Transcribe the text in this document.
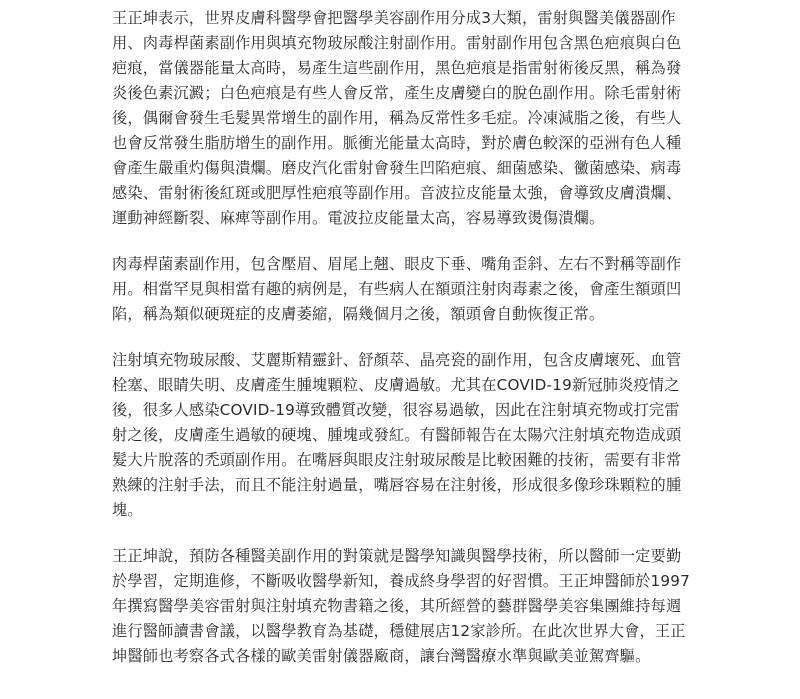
王正坤表示，世界皮膚科醫學會把醫學美容副作用分成3大類，雷射與醫美儀器副作用、肉毒桿菌素副作用與填充物玻尿酸注射副作用。雷射副作用包含黑色疤痕與白色疤痕，當儀器能量太高時，易產生這些副作用，黑色疤痕是指雷射術後反黑，稱為發炎後色素沉澱；白色疤痕是有些人會反常，產生皮膚變白的脫色副作用。除毛雷射術後，偶爾會發生毛髮異常增生的副作用，稱為反常性多毛症。冷凍減脂之後，有些人也會反常發生脂肪增生的副作用。脈衝光能量太高時，對於膚色較深的亞洲有色人種會產生嚴重灼傷與潰爛。磨皮汽化雷射會發生凹陷疤痕、細菌感染、黴菌感染、病毒感染、雷射術後紅斑或肥厚性疤痕等副作用。音波拉皮能量太強，會導致皮膚潰爛、運動神經斷裂、麻痺等副作用。電波拉皮能量太高，容易導致燙傷潰爛。

肉毒桿菌素副作用，包含壓眉、眉尾上翹、眼皮下垂、嘴角歪斜、左右不對稱等副作用。相當罕見與相當有趣的病例是，有些病人在額頭注射肉毒素之後，會產生額頭凹陷，稱為類似硬斑症的皮膚萎縮，隔幾個月之後，額頭會自動恢復正常。

注射填充物玻尿酸、艾麗斯精靈針、舒顏萃、晶亮瓷的副作用，包含皮膚壞死、血管栓塞、眼睛失明、皮膚產生腫塊顆粒、皮膚過敏。尤其在COVID-19新冠肺炎疫情之後，很多人感染COVID-19導致體質改變，很容易過敏，因此在注射填充物或打完雷射之後，皮膚產生過敏的硬塊、腫塊或發紅。有醫師報告在太陽穴注射填充物造成頭髮大片脫落的禿頭副作用。在嘴唇與眼皮注射玻尿酸是比較困難的技術，需要有非常熟練的注射手法，而且不能注射過量，嘴唇容易在注射後，形成很多像珍珠顆粒的腫塊。

王正坤說，預防各種醫美副作用的對策就是醫學知識與醫學技術，所以醫師一定要勤於學習，定期進修，不斷吸收醫學新知，養成終身學習的好習慣。王正坤醫師於1997年撰寫醫學美容雷射與注射填充物書籍之後，其所經營的藝群醫學美容集團維持每週進行醫師讀書會議，以醫學教育為基礎，穩健展店12家診所。在此次世界大會，王正坤醫師也考察各式各樣的歐美雷射儀器廠商，讓台灣醫療水準與歐美並駕齊驅。
